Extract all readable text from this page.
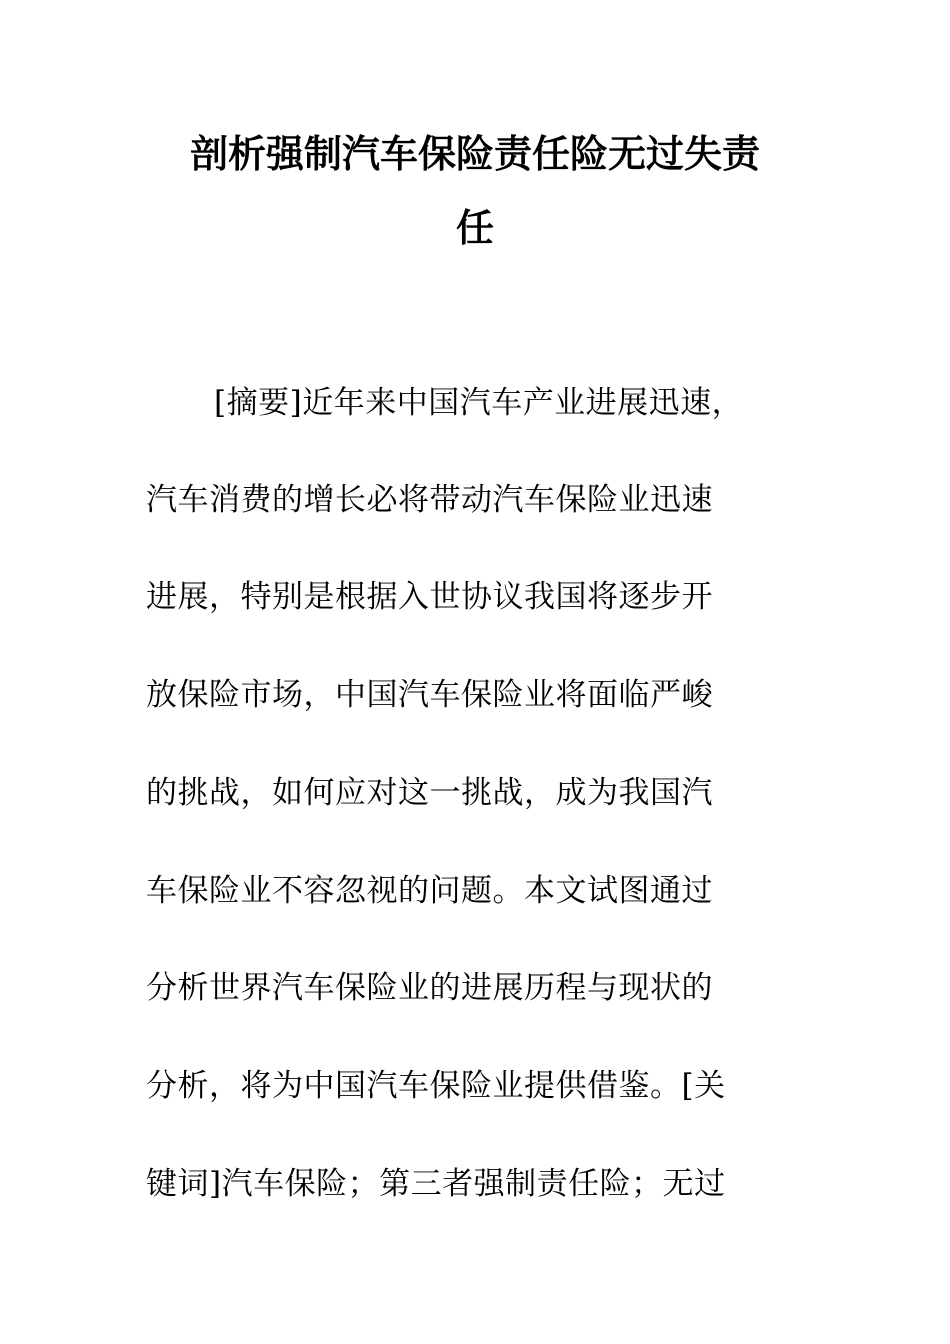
剖析强制汽车保险责任险无过失责
任
[摘要]近年来中国汽车产业进展迅速，
汽车消费的增长必将带动汽车保险业迅速
进展，特别是根据入世协议我国将逐步开
放保险市场，中国汽车保险业将面临严峻
的挑战，如何应对这一挑战，成为我国汽
车保险业不容忽视的问题。本文试图通过
分析世界汽车保险业的进展历程与现状的
分析，将为中国汽车保险业提供借鉴。[关
键词]汽车保险；第三者强制责任险；无过
